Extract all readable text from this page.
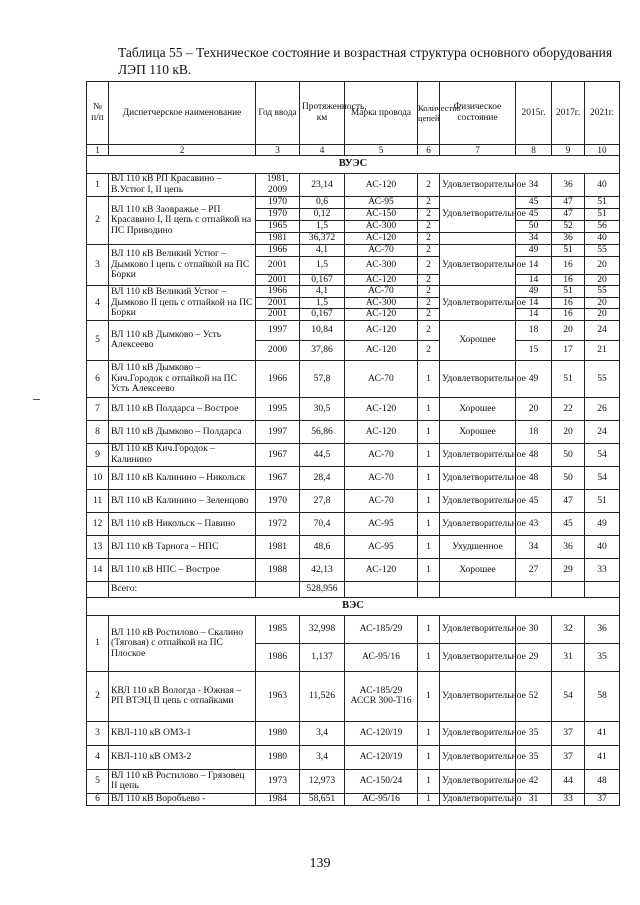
Таблица 55 – Техническое состояние и возрастная структура основного оборудования ЛЭП 110 кВ.
№ п/п	Диспетчерское наименование	Год ввода	Протяженность, км	Марка провода	Количество цепей	Физическое состояние	2015г.	2017г.	2021г.
1	2	3	4	5	6	7	8	9	10
ВУЭС									
1	ВЛ 110 кВ РП Красавино –В.Устюг I, II цепь	1981, 2009	23,14	АС-120	2	Удовлетворительное	34	36	40
2	ВЛ 110 кВ Заовражье – РП Красавино I, II цепь с отпайкой на ПС Приводино	1970	0,6	АС-95	2	Удовлетворительное	45	47	51
		1970	0,12	АС-150	2		45	47	51
		1965	1,5	АС-300	2		50	52	56
		1981	36,372	АС-120	2		34	36	40
3	ВЛ 110 кВ Великий Устюг – Дымково I цепь с отпайкой на ПС Борки	1966	4,1	АС-70	2	Удовлетворительное	49	51	55
		2001	1,5	АС-300	2		14	16	20
		2001	0,167	АС-120	2		14	16	20
4	ВЛ 110 кВ Великий Устюг – Дымково II цепь с отпайкой на ПС Борки	1966	4,1	АС-70	2	Удовлетворительное	49	51	55
		2001	1,5	АС-300	2		14	16	20
		2001	0,167	АС-120	2		14	16	20
5	ВЛ 110 кВ Дымково – Усть Алексеево	1997	10,84	АС-120	2	Хорошее	18	20	24
		2000	37,86	АС-120	2		15	17	21
6	ВЛ 110 кВ Дымково – Кич.Городок с отпайкой на ПС Усть Алексеево	1966	57,8	АС-70	1	Удовлетворительное	49	51	55
7	ВЛ 110 кВ Полдарса – Вострое	1995	30,5	АС-120	1	Хорошее	20	22	26
8	ВЛ 110 кВ Дымково – Полдарса	1997	56,86	АС-120	1	Хорошее	18	20	24
9	ВЛ 110 кВ Кич.Городок – Калинино	1967	44,5	АС-70	1	Удовлетворительное	48	50	54
10	ВЛ 110 кВ Калинино – Никольск	1967	28,4	АС-70	1	Удовлетворительное	48	50	54
11	ВЛ 110 кВ Калинино – Зеленцово	1970	27,8	АС-70	1	Удовлетворительное	45	47	51
12	ВЛ 110 кВ Никольск – Павино	1972	70,4	АС-95	1	Удовлетворительное	43	45	49
13	ВЛ 110 кВ Тарнога – НПС	1981	48,6	АС-95	1	Ухудшенное	34	36	40
14	ВЛ 110 кВ НПС – Вострое	1988	42,13	АС-120	1	Хорошее	27	29	33
	Всего:		528,956						
ВЭС									
1	ВЛ 110 кВ Ростилово – Скалино (Тяговая) с отпайкой на ПС Плоское	1985	32,998	АС-185/29	1	Удовлетворительное	30	32	36
		1986	1,137	АС-95/16	1	Удовлетворительное	29	31	35
2	КВЛ 110 кВ Вологда - Южная – РП ВТЭЦ II цепь с отпайками	1963	11,526	АС-185/29 АССR 300-T16	1	Удовлетворительное	52	54	58
3	КВЛ-110 кВ ОМЗ-1	1980	3,4	АС-120/19	1	Удовлетворительное	35	37	41
4	КВЛ-110 кВ ОМЗ-2	1980	3,4	АС-120/19	1	Удовлетворительное	35	37	41
5	ВЛ 110 кВ Ростилово – Грязовец II цепь	1973	12,973	АС-150/24	1	Удовлетворительное	42	44	48
6	ВЛ 110 кВ Воробъево -	1984	58,651	АС-95/16	1	Удовлетворительно	31	33	37
139
